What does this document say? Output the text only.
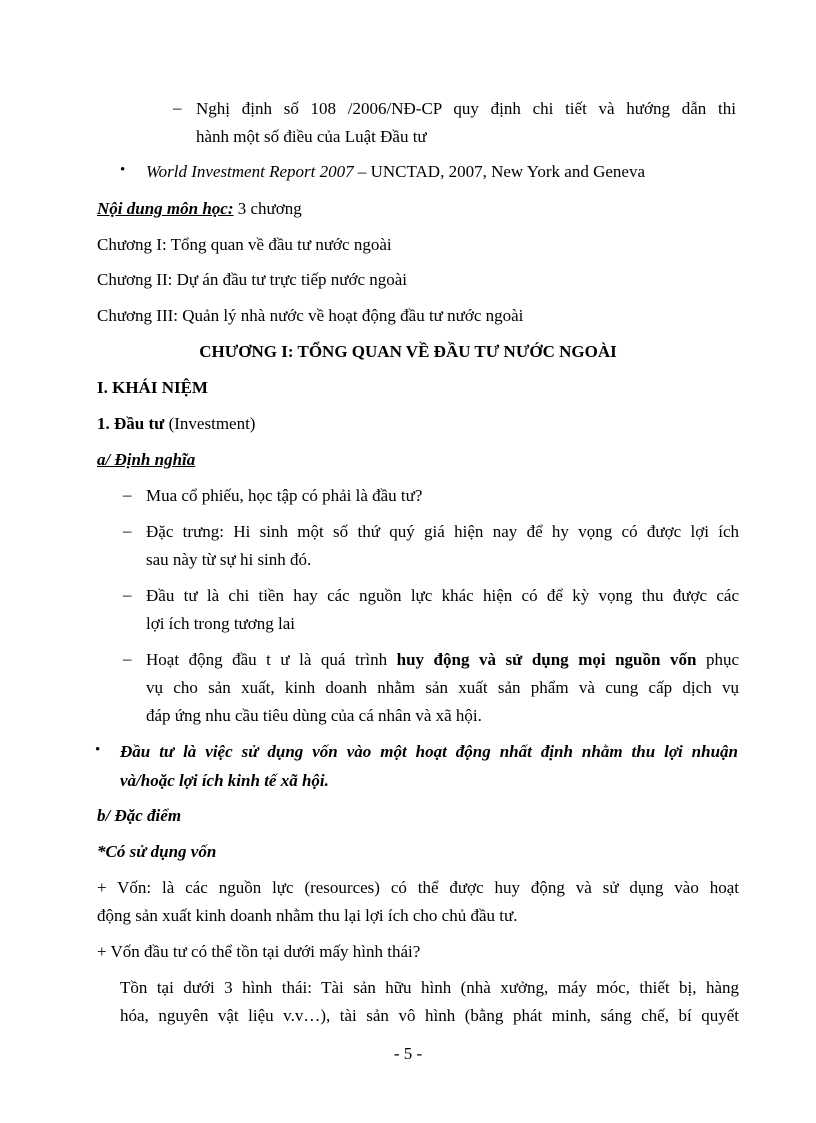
– Nghị định số 108 /2006/NĐ-CP quy định chi tiết và hướng dẫn thi
hành một số điều của Luật Đầu tư
• World Investment Report 2007 – UNCTAD, 2007, New York and Geneva
Nội dung môn học: 3 chương
Chương I: Tổng quan về đầu tư nước ngoài
Chương II: Dự án đầu tư trực tiếp nước ngoài
Chương III: Quản lý nhà nước về hoạt động đầu tư nước ngoài
CHƯƠNG I: TỔNG QUAN VỀ ĐẦU TƯ NƯỚC NGOÀI
I. KHÁI NIỆM
1. Đầu tư (Investment)
a/ Định nghĩa
– Mua cổ phiếu, học tập có phải là đầu tư?
– Đặc trưng: Hi sinh một số thứ quý giá hiện nay để hy vọng có được lợi ích
sau này từ sự hi sinh đó.
– Đầu tư là chi tiền hay các nguồn lực khác hiện có để kỳ vọng thu được các
lợi ích trong tương lai
– Hoạt động đầu t ư là quá trình huy động và sử dụng mọi nguồn vốn phục
vụ cho sản xuất, kinh doanh nhằm sản xuất sản phẩm và cung cấp dịch vụ
đáp ứng nhu cầu tiêu dùng của cá nhân và xã hội.
• Đầu tư là việc sử dụng vốn vào một hoạt động nhất định nhằm thu lợi nhuận
và/hoặc lợi ích kinh tế xã hội.
b/ Đặc điểm
*Có sử dụng vốn
+ Vốn: là các nguồn lực (resources) có thể được huy động và sử dụng vào hoạt
động sản xuất kinh doanh nhằm thu lại lợi ích cho chủ đầu tư.
+ Vốn đầu tư có thể tồn tại dưới mấy hình thái?
Tồn tại dưới 3 hình thái: Tài sản hữu hình (nhà xưởng, máy móc, thiết bị, hàng
hóa, nguyên vật liệu v.v…), tài sản vô hình (bằng phát minh, sáng chế, bí quyết
- 5 -
